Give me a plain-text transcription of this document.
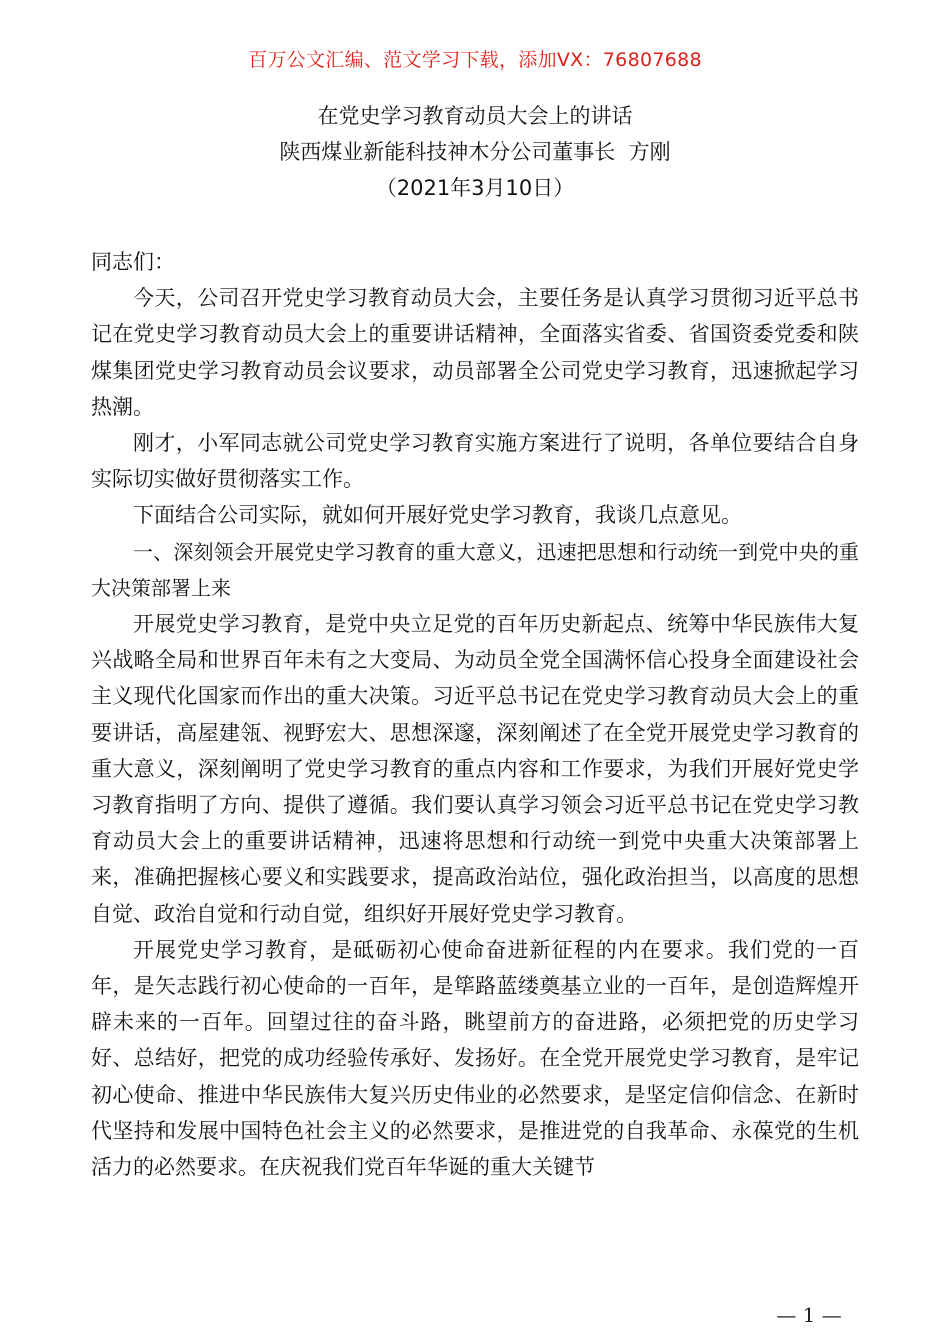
百万公文汇编、范文学习下载，添加VX：76807688
在党史学习教育动员大会上的讲话
陕西煤业新能科技神木分公司董事长  方刚
（2021年3月10日）

同志们：

今天，公司召开党史学习教育动员大会，主要任务是认真学习贯彻习近平总书记在党史学习教育动员大会上的重要讲话精神，全面落实省委、省国资委党委和陕煤集团党史学习教育动员会议要求，动员部署全公司党史学习教育，迅速掀起学习热潮。

刚才，小军同志就公司党史学习教育实施方案进行了说明，各单位要结合自身实际切实做好贯彻落实工作。

下面结合公司实际，就如何开展好党史学习教育，我谈几点意见。

一、深刻领会开展党史学习教育的重大意义，迅速把思想和行动统一到党中央的重大决策部署上来

开展党史学习教育，是党中央立足党的百年历史新起点、统筹中华民族伟大复兴战略全局和世界百年未有之大变局、为动员全党全国满怀信心投身全面建设社会主义现代化国家而作出的重大决策。习近平总书记在党史学习教育动员大会上的重要讲话，高屋建瓴、视野宏大、思想深邃，深刻阐述了在全党开展党史学习教育的重大意义，深刻阐明了党史学习教育的重点内容和工作要求，为我们开展好党史学习教育指明了方向、提供了遵循。我们要认真学习领会习近平总书记在党史学习教育动员大会上的重要讲话精神，迅速将思想和行动统一到党中央重大决策部署上来，准确把握核心要义和实践要求，提高政治站位，强化政治担当，以高度的思想自觉、政治自觉和行动自觉，组织好开展好党史学习教育。

开展党史学习教育，是砥砺初心使命奋进新征程的内在要求。我们党的一百年，是矢志践行初心使命的一百年，是筚路蓝缕奠基立业的一百年，是创造辉煌开辟未来的一百年。回望过往的奋斗路，眺望前方的奋进路，必须把党的历史学习好、总结好，把党的成功经验传承好、发扬好。在全党开展党史学习教育，是牢记初心使命、推进中华民族伟大复兴历史伟业的必然要求，是坚定信仰信念、在新时代坚持和发展中国特色社会主义的必然要求，是推进党的自我革命、永葆党的生机活力的必然要求。在庆祝我们党百年华诞的重大关键节

— 1 —
